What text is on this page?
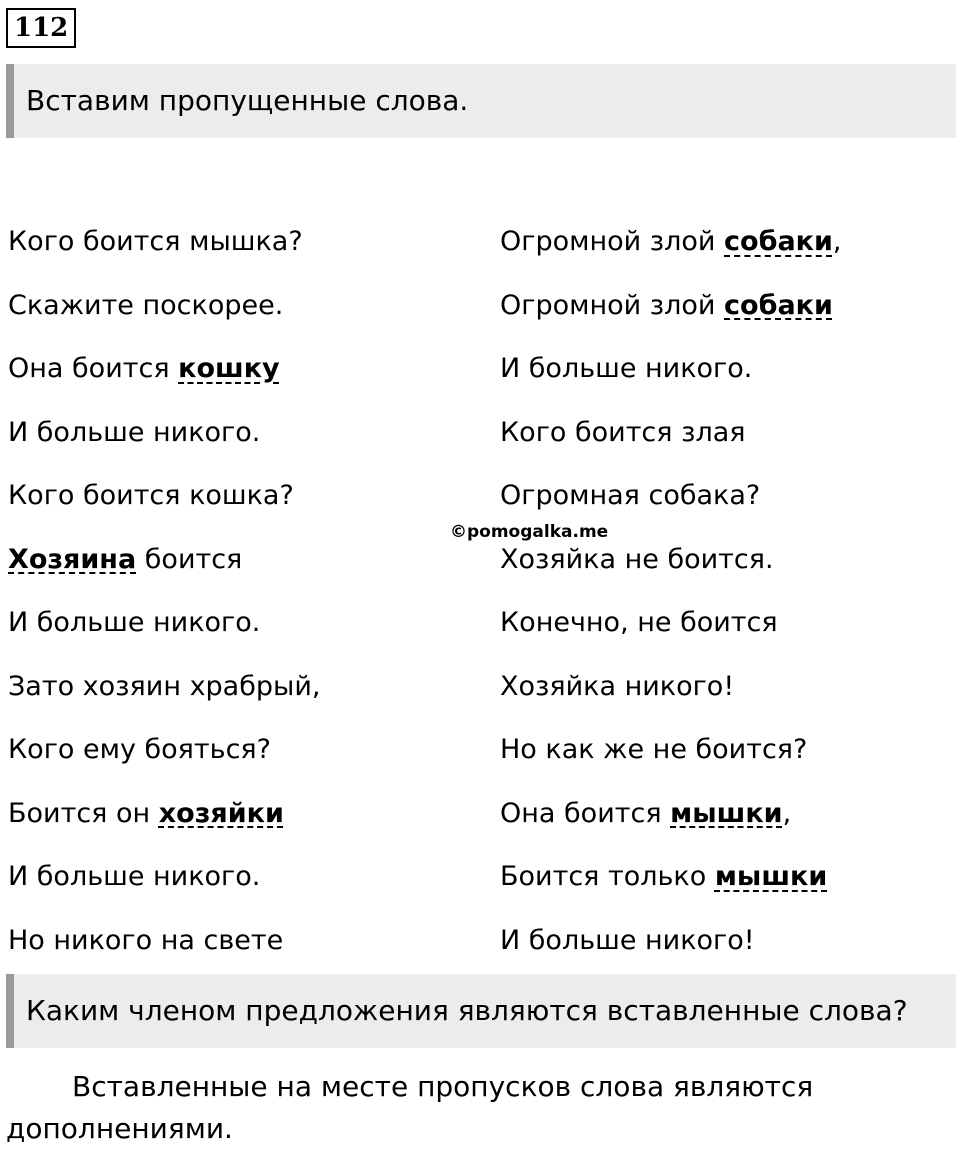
112
Вставим пропущенные слова.
Кого боится мышка?
Скажите поскорее.
Она боится кошку
И больше никого.
Кого боится кошка?
Хозяина боится
И больше никого.
Зато хозяин храбрый,
Кого ему бояться?
Боится он хозяйки
И больше никого.
Но никого на свете
Огромной злой собаки,
Огромной злой собаки
И больше никого.
Кого боится злая
Огромная собака?
Хозяйка не боится.
Конечно, не боится
Хозяйка никого!
Но как же не боится?
Она боится мышки,
Боится только мышки
И больше никого!
©pomogalka.me
Каким членом предложения являются вставленные слова?
Вставленные на месте пропусков слова являются дополнениями.
